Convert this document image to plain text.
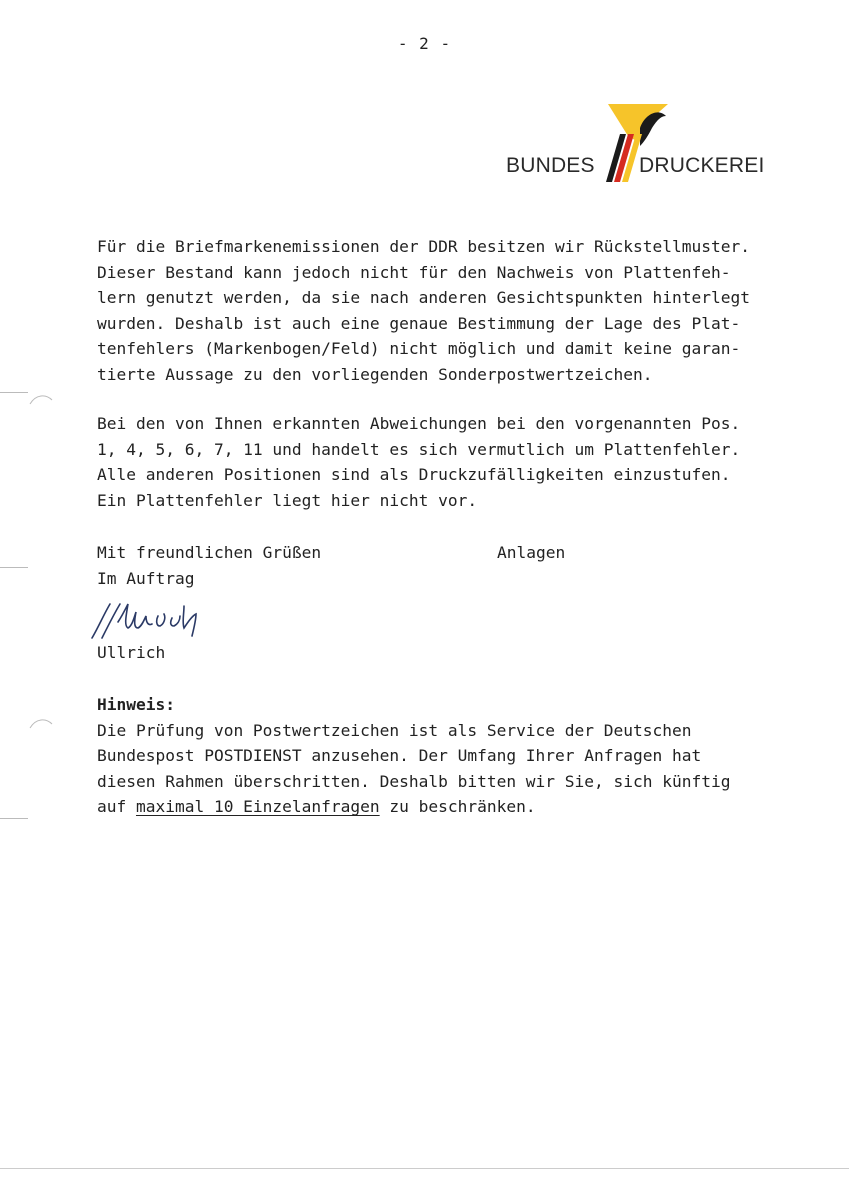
- 2 -
BUNDES DRUCKEREI
Für die Briefmarkenemissionen der DDR besitzen wir Rückstellmuster.
Dieser Bestand kann jedoch nicht für den Nachweis von Plattenfeh-
lern genutzt werden, da sie nach anderen Gesichtspunkten hinterlegt
wurden. Deshalb ist auch eine genaue Bestimmung der Lage des Plat-
tenfehlers (Markenbogen/Feld) nicht möglich und damit keine garan-
tierte Aussage zu den vorliegenden Sonderpostwertzeichen.
Bei den von Ihnen erkannten Abweichungen bei den vorgenannten Pos.
1, 4, 5, 6, 7, 11 und handelt es sich vermutlich um Plattenfehler.
Alle anderen Positionen sind als Druckzufälligkeiten einzustufen.
Ein Plattenfehler liegt hier nicht vor.
Mit freundlichen Grüßen	Anlagen
Im Auftrag
Ullrich
Hinweis:
Die Prüfung von Postwertzeichen ist als Service der Deutschen
Bundespost POSTDIENST anzusehen. Der Umfang Ihrer Anfragen hat
diesen Rahmen überschritten. Deshalb bitten wir Sie, sich künftig
auf maximal 10 Einzelanfragen zu beschränken.
